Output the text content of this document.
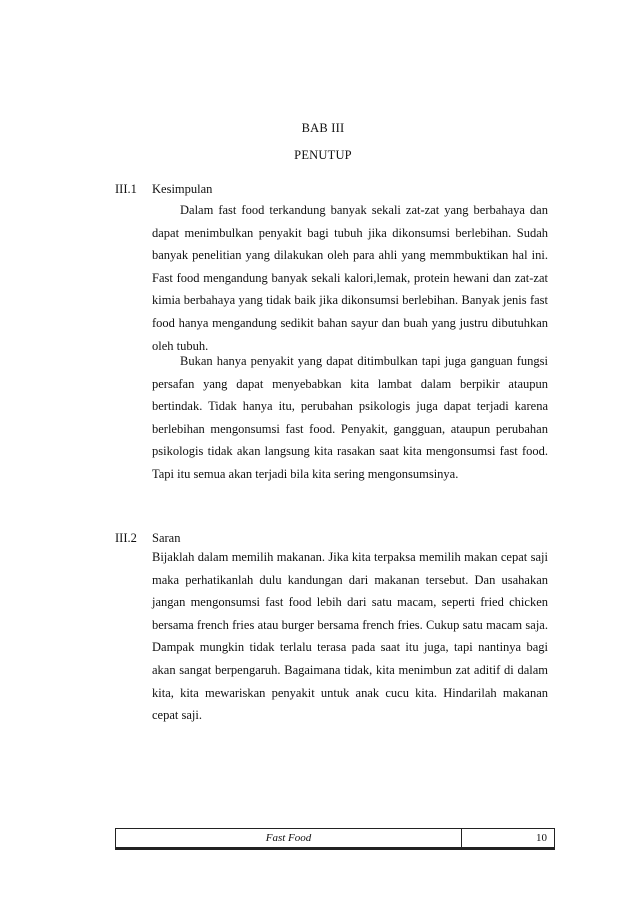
BAB III
PENUTUP
III.1 Kesimpulan
Dalam fast food terkandung banyak sekali zat-zat yang berbahaya dan dapat menimbulkan penyakit bagi tubuh jika dikonsumsi berlebihan. Sudah banyak penelitian yang dilakukan oleh para ahli yang memmbuktikan hal ini. Fast food mengandung banyak sekali kalori,lemak, protein hewani dan zat-zat kimia berbahaya yang tidak baik jika dikonsumsi berlebihan. Banyak jenis fast food hanya mengandung sedikit bahan sayur dan buah yang justru dibutuhkan oleh tubuh.
Bukan hanya penyakit yang dapat ditimbulkan tapi juga ganguan fungsi persafan yang dapat menyebabkan kita lambat dalam berpikir ataupun bertindak. Tidak hanya itu, perubahan psikologis juga dapat terjadi karena berlebihan mengonsumsi fast food. Penyakit, gangguan, ataupun perubahan psikologis tidak akan langsung kita rasakan saat kita mengonsumsi fast food. Tapi itu semua akan terjadi bila kita sering mengonsumsinya.
III.2 Saran
Bijaklah dalam memilih makanan. Jika kita terpaksa memilih makan cepat saji maka perhatikanlah dulu kandungan dari makanan tersebut. Dan usahakan jangan mengonsumsi fast food lebih dari satu macam, seperti fried chicken bersama french fries atau burger bersama french fries. Cukup satu macam saja. Dampak mungkin tidak terlalu terasa pada saat itu juga, tapi nantinya bagi akan sangat berpengaruh. Bagaimana tidak, kita menimbun zat aditif di dalam kita, kita mewariskan penyakit untuk anak cucu kita. Hindarilah makanan cepat saji.
Fast Food	10
